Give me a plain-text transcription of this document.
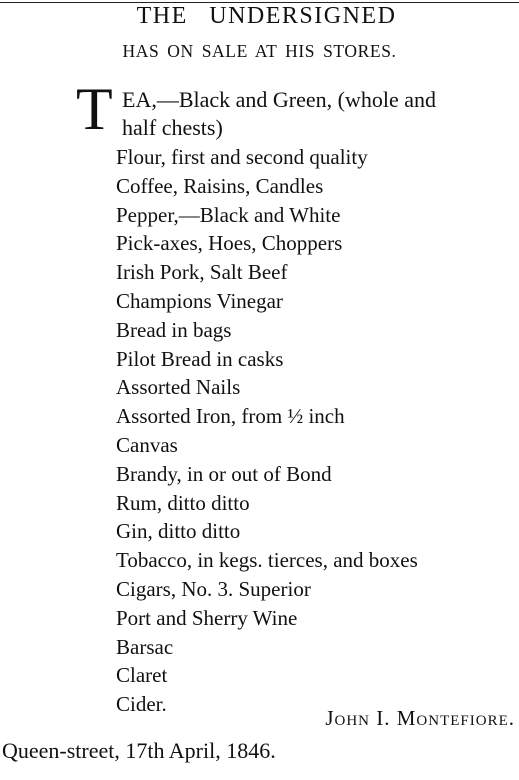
THE UNDERSIGNED
HAS ON SALE AT HIS STORES.
T EA,—Black and Green, (whole and
half chests)
Flour, first and second quality
Coffee, Raisins, Candles
Pepper,—Black and White
Pick-axes, Hoes, Choppers
Irish Pork, Salt Beef
Champions Vinegar
Bread in bags
Pilot Bread in casks
Assorted Nails
Assorted Iron, from ½ inch
Canvas
Brandy, in or out of Bond
Rum, ditto ditto
Gin, ditto ditto
Tobacco, in kegs. tierces, and boxes
Cigars, No. 3. Superior
Port and Sherry Wine
Barsac
Claret
Cider.
John I. Montefiore.
Queen-street, 17th April, 1846.
